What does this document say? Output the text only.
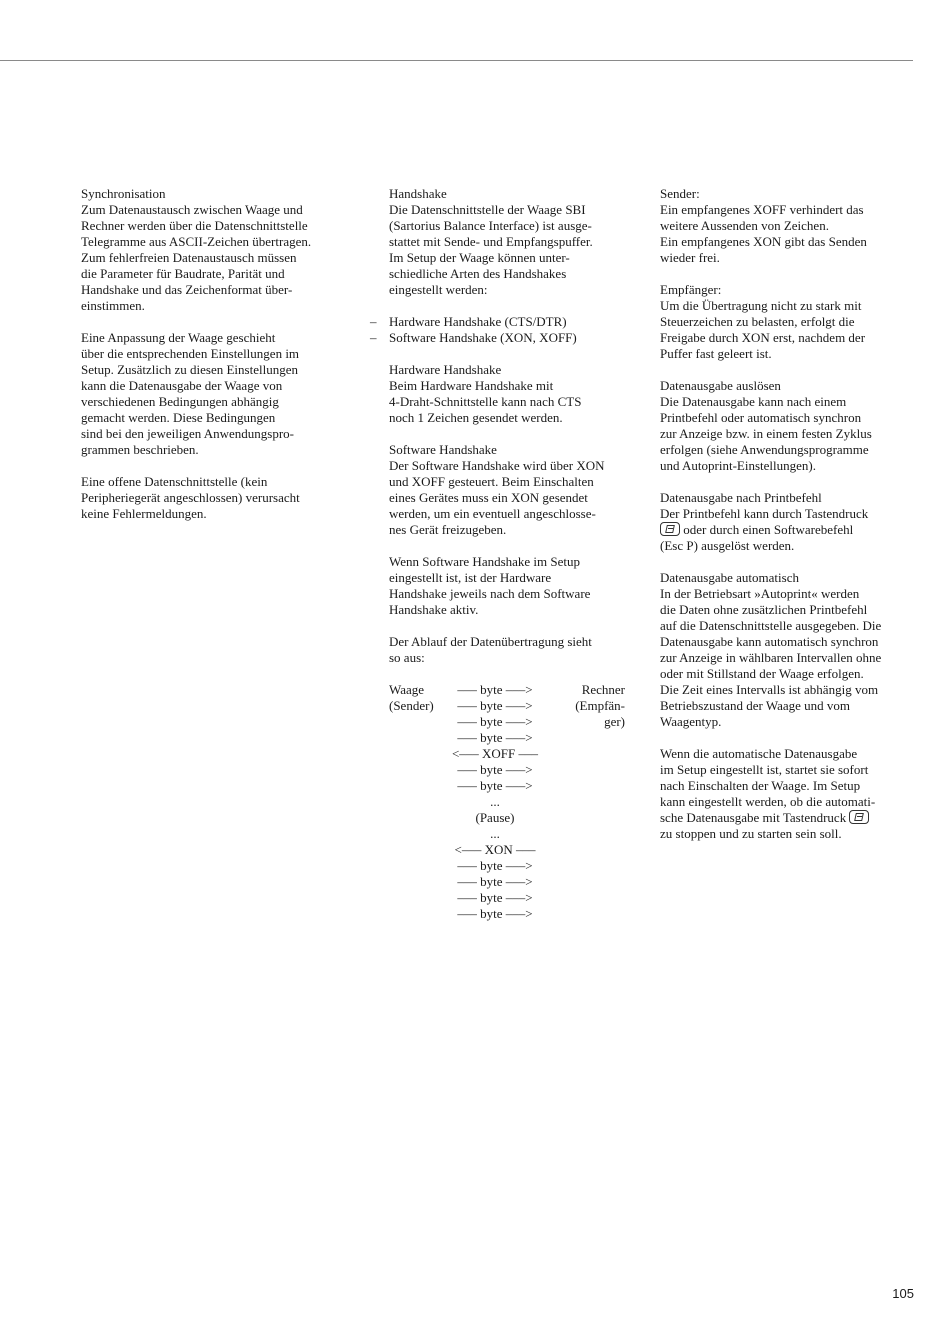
Synchronisation
Zum Datenaustausch zwischen Waage und
Rechner werden über die Datenschnittstelle
Telegramme aus ASCII-Zeichen übertragen.
Zum fehlerfreien Datenaustausch müssen
die Parameter für Baudrate, Parität und
Handshake und das Zeichenformat über-
einstimmen.
Eine Anpassung der Waage geschieht
über die entsprechenden Einstellungen im
Setup. Zusätzlich zu diesen Einstellungen
kann die Datenausgabe der Waage von
verschiedenen Bedingungen abhängig
gemacht werden. Diese Bedingungen
sind bei den jeweiligen Anwendungspro-
grammen beschrieben.
Eine offene Datenschnittstelle (kein
Peripheriegerät angeschlossen) verursacht
keine Fehlermeldungen.
Handshake
Die Datenschnittstelle der Waage SBI
(Sartorius Balance Interface) ist ausge-
stattet mit Sende- und Empfangspuffer.
Im Setup der Waage können unter-
schiedliche Arten des Handshakes
eingestellt werden:
– Hardware Handshake (CTS/DTR)
– Software Handshake (XON, XOFF)
Hardware Handshake
Beim Hardware Handshake mit
4-Draht-Schnittstelle kann nach CTS
noch 1 Zeichen gesendet werden.
Software Handshake
Der Software Handshake wird über XON
und XOFF gesteuert. Beim Einschalten
eines Gerätes muss ein XON gesendet
werden, um ein eventuell angeschlosse-
nes Gerät freizugeben.
Wenn Software Handshake im Setup
eingestellt ist, ist der Hardware
Handshake jeweils nach dem Software
Handshake aktiv.
Der Ablauf der Datenübertragung sieht
so aus:
Waage
(Sender)
Rechner
(Empfän-
ger)
––– byte –––>
––– byte –––>
––– byte –––>
––– byte –––>
<––– XOFF –––
––– byte –––>
––– byte –––>
...
(Pause)
...
<––– XON –––
––– byte –––>
––– byte –––>
––– byte –––>
––– byte –––>
Sender:
Ein empfangenes XOFF verhindert das
weitere Aussenden von Zeichen.
Ein empfangenes XON gibt das Senden
wieder frei.
Empfänger:
Um die Übertragung nicht zu stark mit
Steuerzeichen zu belasten, erfolgt die
Freigabe durch XON erst, nachdem der
Puffer fast geleert ist.
Datenausgabe auslösen
Die Datenausgabe kann nach einem
Printbefehl oder automatisch synchron
zur Anzeige bzw. in einem festen Zyklus
erfolgen (siehe Anwendungsprogramme
und Autoprint-Einstellungen).
Datenausgabe nach Printbefehl
Der Printbefehl kann durch Tastendruck
oder durch einen Softwarebefehl
(Esc P) ausgelöst werden.
Datenausgabe automatisch
In der Betriebsart »Autoprint« werden
die Daten ohne zusätzlichen Printbefehl
auf die Datenschnittstelle ausgegeben. Die
Datenausgabe kann automatisch synchron
zur Anzeige in wählbaren Intervallen ohne
oder mit Stillstand der Waage erfolgen.
Die Zeit eines Intervalls ist abhängig vom
Betriebszustand der Waage und vom
Waagentyp.
Wenn die automatische Datenausgabe
im Setup eingestellt ist, startet sie sofort
nach Einschalten der Waage. Im Setup
kann eingestellt werden, ob die automati-
sche Datenausgabe mit Tastendruck
zu stoppen und zu starten sein soll.
105
